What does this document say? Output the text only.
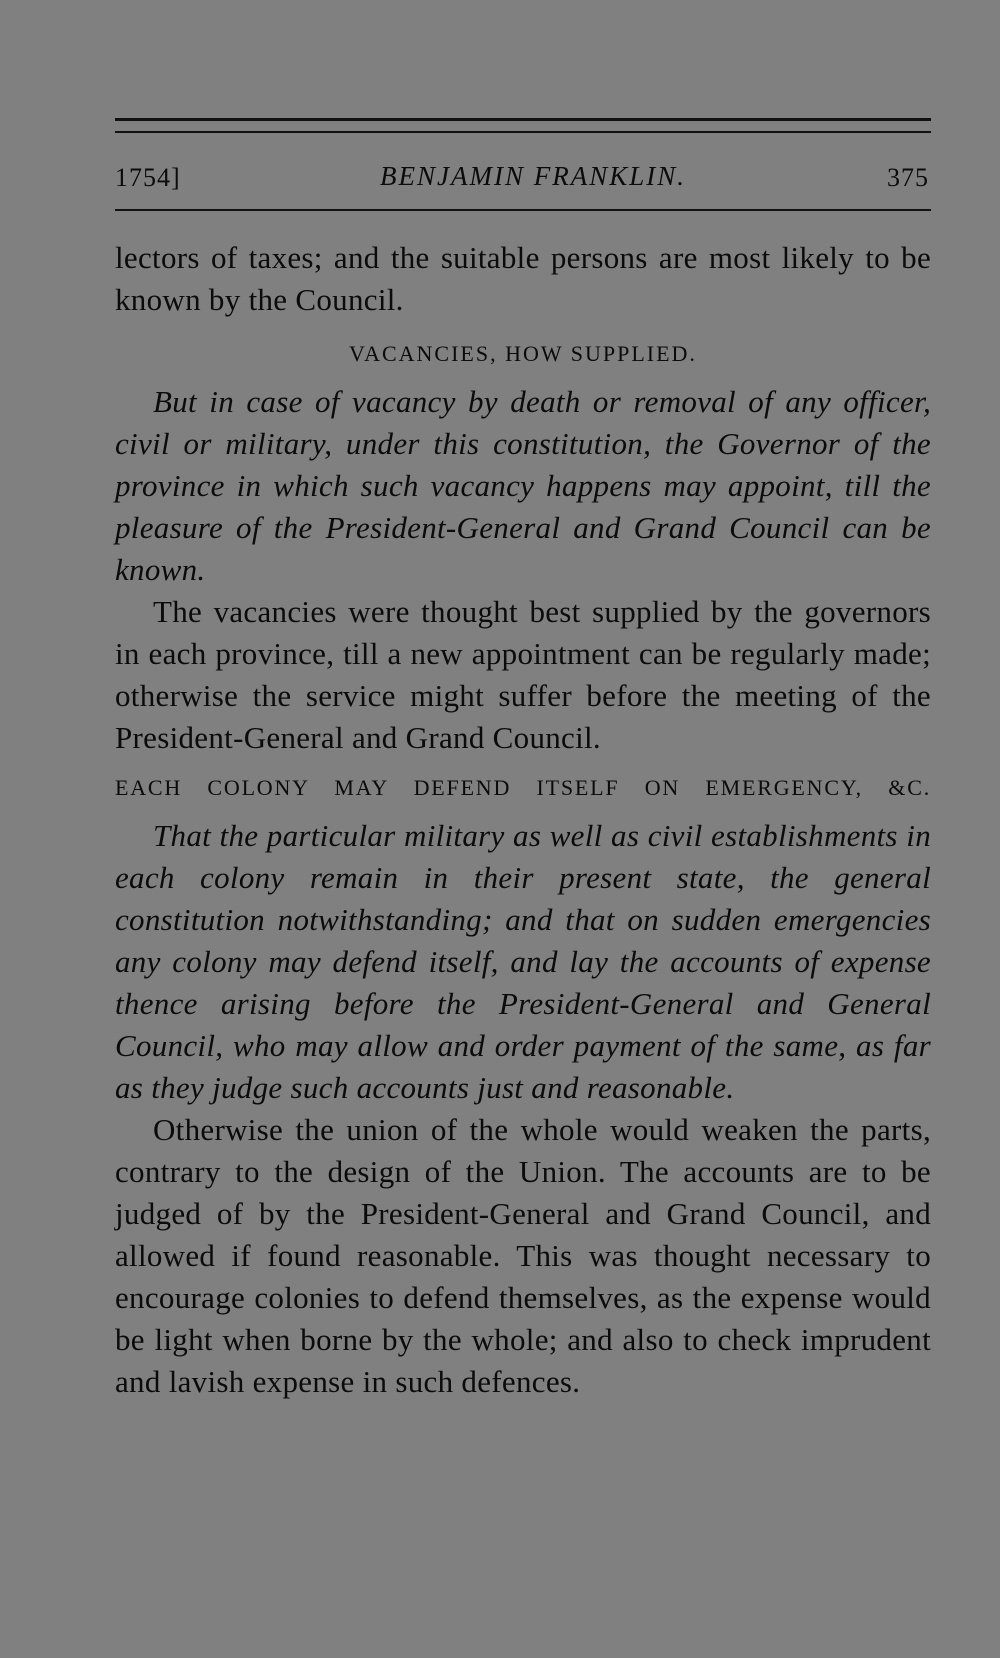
1754]	BENJAMIN FRANKLIN.	375

lectors of taxes; and the suitable persons are most likely to be known by the Council.

VACANCIES, HOW SUPPLIED.

But in case of vacancy by death or removal of any officer, civil or military, under this constitution, the Governor of the province in which such vacancy happens may appoint, till the pleasure of the President-General and Grand Council can be known.

The vacancies were thought best supplied by the governors in each province, till a new appointment can be regularly made; otherwise the service might suffer before the meeting of the President-General and Grand Council.

EACH COLONY MAY DEFEND ITSELF ON EMERGENCY, &C.

That the particular military as well as civil establishments in each colony remain in their present state, the general constitution notwithstanding; and that on sudden emergencies any colony may defend itself, and lay the accounts of expense thence arising before the President-General and General Council, who may allow and order payment of the same, as far as they judge such accounts just and reasonable.

Otherwise the union of the whole would weaken the parts, contrary to the design of the Union. The accounts are to be judged of by the President-General and Grand Council, and allowed if found reasonable. This was thought necessary to encourage colonies to defend themselves, as the expense would be light when borne by the whole; and also to check imprudent and lavish expense in such defences.
